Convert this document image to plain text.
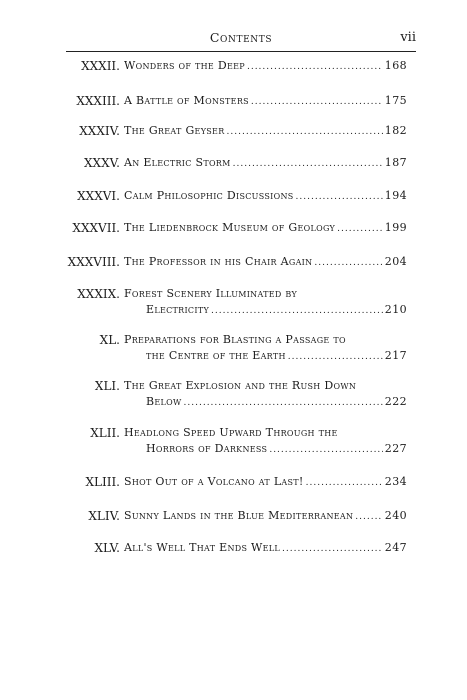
Contents	vii
XXXII. Wonders of the Deep .....	168
XXXIII. A Battle of Monsters .....	175
XXXIV. The Great Geyser .....	182
XXXV. An Electric Storm .....	187
XXXVI. Calm Philosophic Discussions .....	194
XXXVII. The Liedenbrock Museum of Geology .....	199
XXXVIII. The Professor in his Chair Again .....	204
XXXIX. Forest Scenery Illuminated by
Electricity .....	210
XL. Preparations for Blasting a Passage to
the Centre of the Earth .....	217
XLI. The Great Explosion and the Rush Down
Below .....	222
XLII. Headlong Speed Upward Through the
Horrors of Darkness .....	227
XLIII. Shot Out of a Volcano at Last! .....	234
XLIV. Sunny Lands in the Blue Mediterranean .....	240
XLV. All's Well That Ends Well .....	247
